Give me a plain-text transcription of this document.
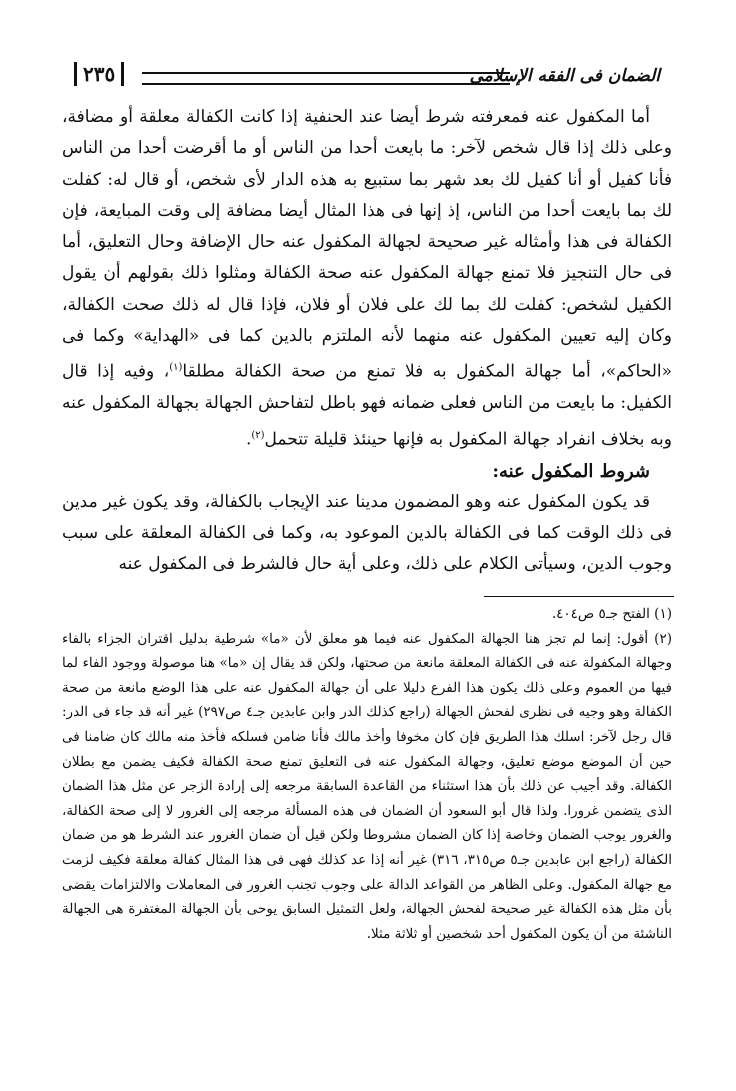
الضمان فى الفقه الإسلامى
٢٣٥

أما المكفول عنه فمعرفته شرط أيضا عند الحنفية إذا كانت الكفالة معلقة أو مضافة، وعلى ذلك إذا قال شخص لآخر: ما بايعت أحدا من الناس أو ما أقرضت أحدا من الناس فأنا كفيل أو أنا كفيل لك بعد شهر بما ستبيع به هذه الدار لأى شخص، أو قال له: كفلت لك بما بايعت أحدا من الناس، إذ إنها فى هذا المثال أيضا مضافة إلى وقت المبايعة، فإن الكفالة فى هذا وأمثاله غير صحيحة لجهالة المكفول عنه حال الإضافة وحال التعليق، أما فى حال التنجيز فلا تمنع جهالة المكفول عنه صحة الكفالة ومثلوا ذلك بقولهم أن يقول الكفيل لشخص: كفلت لك بما لك على فلان أو فلان، فإذا قال له ذلك صحت الكفالة، وكان إليه تعيين المكفول عنه منهما لأنه الملتزم بالدين كما فى «الهداية» وكما فى «الحاكم»، أما جهالة المكفول به فلا تمنع من صحة الكفالة مطلقا$^{(١)}$، وفيه إذا قال الكفيل: ما بايعت من الناس فعلى ضمانه فهو باطل لتفاحش الجهالة بجهالة المكفول عنه وبه بخلاف انفراد جهالة المكفول به فإنها حينئذ قليلة تتحمل$^{(٢)}$.

شروط المكفول عنه:

قد يكون المكفول عنه وهو المضمون مدينا عند الإيجاب بالكفالة، وقد يكون غير مدين فى ذلك الوقت كما فى الكفالة بالدين الموعود به، وكما فى الكفالة المعلقة على سبب وجوب الدين، وسيأتى الكلام على ذلك، وعلى أية حال فالشرط فى المكفول عنه

(١) الفتح جـ٥ ص٤٠٤.

(٢) أقول: إنما لم تجز هنا الجهالة المكفول عنه فيما هو معلق لأن «ما» شرطية بدليل اقتران الجزاء بالفاء وجهالة المكفولة عنه فى الكفالة المعلقة مانعة من صحتها، ولكن قد يقال إن «ما» هنا موصولة ووجود الفاء لما فيها من العموم وعلى ذلك يكون هذا الفرع دليلا على أن جهالة المكفول عنه على هذا الوضع مانعة من صحة الكفالة وهو وجيه فى نظرى لفحش الجهالة (راجع كذلك الدر وابن عابدين جـ٤ ص٢٩٧) غير أنه قد جاء فى الدر: قال رجل لآخر: اسلك هذا الطريق فإن كان مخوفا وأخذ مالك فأنا ضامن فسلكه فأخذ منه مالك كان ضامنا فى حين أن الموضع موضع تعليق، وجهالة المكفول عنه فى التعليق تمنع صحة الكفالة فكيف يضمن مع بطلان الكفالة. وقد أجيب عن ذلك بأن هذا استثناء من القاعدة السابقة مرجعه إلى إرادة الزجر عن مثل هذا الضمان الذى يتضمن غرورا. ولذا قال أبو السعود أن الضمان فى هذه المسألة مرجعه إلى الغرور لا إلى صحة الكفالة، والغرور يوجب الضمان وخاصة إذا كان الضمان مشروطا ولكن قيل أن ضمان الغرور عند الشرط هو من ضمان الكفالة (راجع ابن عابدين جـ٥ ص٣١٥، ٣١٦) غير أنه إذا عد كذلك فهى فى هذا المثال كفالة معلقة فكيف لزمت مع جهالة المكفول. وعلى الظاهر من القواعد الدالة على وجوب تجنب الغرور فى المعاملات والالتزامات يقضى بأن مثل هذه الكفالة غير صحيحة لفحش الجهالة، ولعل التمثيل السابق يوحى بأن الجهالة المغتفرة هى الجهالة الناشئة من أن يكون المكفول أحد شخصين أو ثلاثة مثلا.
